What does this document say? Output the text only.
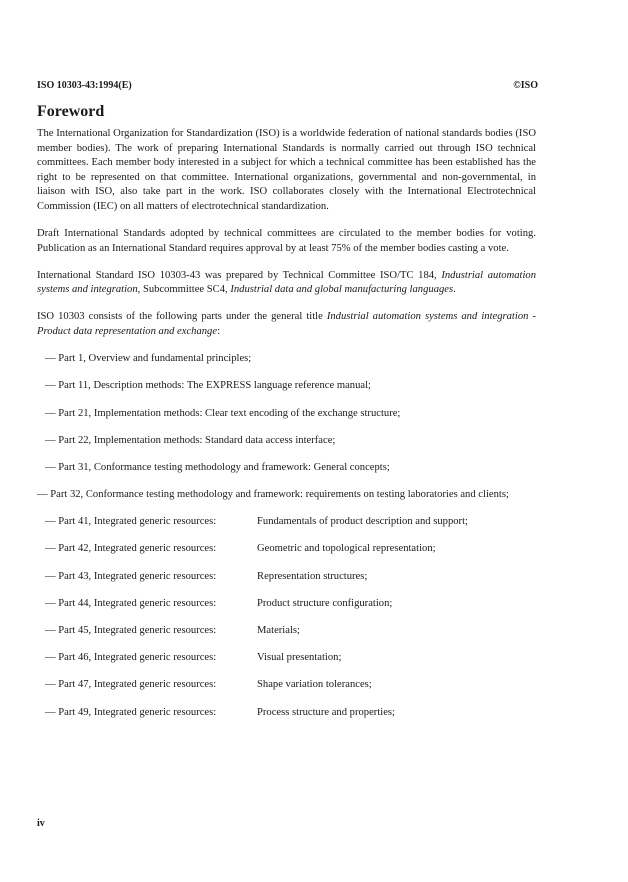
ISO 10303-43:1994(E)	©ISO
Foreword

The International Organization for Standardization (ISO) is a worldwide federation of national standards bodies (ISO member bodies). The work of preparing International Standards is normally carried out through ISO technical committees. Each member body interested in a subject for which a technical committee has been established has the right to be represented on that committee. International organizations, governmental and non-governmental, in liaison with ISO, also take part in the work. ISO collaborates closely with the International Electrotechnical Commission (IEC) on all matters of electrotechnical standardization.

Draft International Standards adopted by technical committees are circulated to the member bodies for voting. Publication as an International Standard requires approval by at least 75% of the member bodies casting a vote.

International Standard ISO 10303-43 was prepared by Technical Committee ISO/TC 184, Industrial automation systems and integration, Subcommittee SC4, Industrial data and global manufacturing languages.

ISO 10303 consists of the following parts under the general title Industrial automation systems and integration - Product data representation and exchange:

— Part 1, Overview and fundamental principles;
— Part 11, Description methods: The EXPRESS language reference manual;
— Part 21, Implementation methods: Clear text encoding of the exchange structure;
— Part 22, Implementation methods: Standard data access interface;
— Part 31, Conformance testing methodology and framework: General concepts;
— Part 32, Conformance testing methodology and framework: requirements on testing laboratories and clients;
— Part 41, Integrated generic resources:	Fundamentals of product description and support;
— Part 42, Integrated generic resources:	Geometric and topological representation;
— Part 43, Integrated generic resources:	Representation structures;
— Part 44, Integrated generic resources:	Product structure configuration;
— Part 45, Integrated generic resources:	Materials;
— Part 46, Integrated generic resources:	Visual presentation;
— Part 47, Integrated generic resources:	Shape variation tolerances;
— Part 49, Integrated generic resources:	Process structure and properties;
iv
